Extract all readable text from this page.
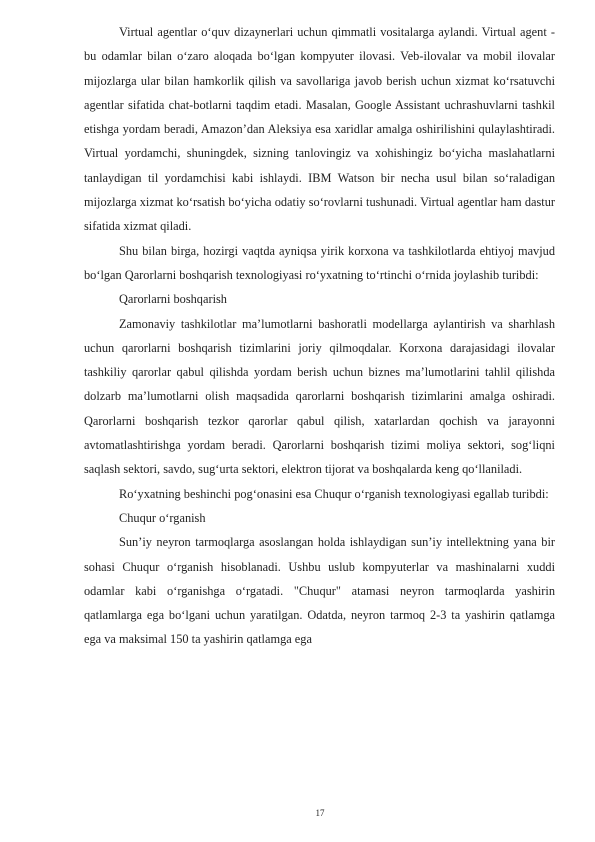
Virtual agentlar o‘quv dizaynerlari uchun qimmatli vositalarga aylandi. Virtual agent - bu odamlar bilan o‘zaro aloqada bo‘lgan kompyuter ilovasi. Veb-ilovalar va mobil ilovalar mijozlarga ular bilan hamkorlik qilish va savollariga javob berish uchun xizmat ko‘rsatuvchi agentlar sifatida chat-botlarni taqdim etadi. Masalan, Google Assistant uchrashuvlarni tashkil etishga yordam beradi, Amazon’dan Aleksiya esa xaridlar amalga oshirilishini qulaylashtiradi. Virtual yordamchi, shuningdek, sizning tanlovingiz va xohishingiz bo‘yicha maslahatlarni tanlaydigan til yordamchisi kabi ishlaydi. IBM Watson bir necha usul bilan so‘raladigan mijozlarga xizmat ko‘rsatish bo‘yicha odatiy so‘rovlarni tushunadi. Virtual agentlar ham dastur sifatida xizmat qiladi.

Shu bilan birga, hozirgi vaqtda ayniqsa yirik korxona va tashkilotlarda ehtiyoj mavjud bo‘lgan Qarorlarni boshqarish texnologiyasi ro‘yxatning to‘rtinchi o‘rnida joylashib turibdi:

Qarorlarni boshqarish

Zamonaviy tashkilotlar ma’lumotlarni bashoratli modellarga aylantirish va sharhlash uchun qarorlarni boshqarish tizimlarini joriy qilmoqdalar. Korxona darajasidagi ilovalar tashkiliy qarorlar qabul qilishda yordam berish uchun biznes ma’lumotlarini tahlil qilishda dolzarb ma’lumotlarni olish maqsadida qarorlarni boshqarish tizimlarini amalga oshiradi. Qarorlarni boshqarish tezkor qarorlar qabul qilish, xatarlardan qochish va jarayonni avtomatlashtirishga yordam beradi. Qarorlarni boshqarish tizimi moliya sektori, sog‘liqni saqlash sektori, savdo, sug‘urta sektori, elektron tijorat va boshqalarda keng qo‘llaniladi.

Ro‘yxatning beshinchi pog‘onasini esa Chuqur o‘rganish texnologiyasi egallab turibdi:

Chuqur o‘rganish

Sun’iy neyron tarmoqlarga asoslangan holda ishlaydigan sun’iy intellektning yana bir sohasi Chuqur o‘rganish hisoblanadi. Ushbu uslub kompyuterlar va mashinalarni xuddi odamlar kabi o‘rganishga o‘rgatadi. "Chuqur" atamasi neyron tarmoqlarda yashirin qatlamlarga ega bo‘lgani uchun yaratilgan. Odatda, neyron tarmoq 2-3 ta yashirin qatlamga ega va maksimal 150 ta yashirin qatlamga ega

17
